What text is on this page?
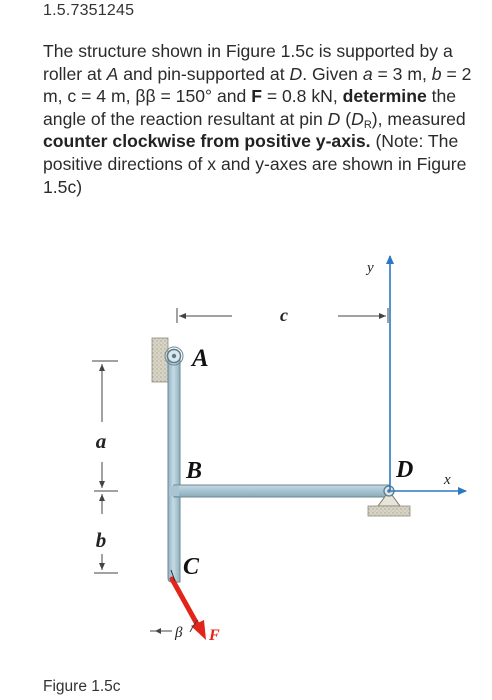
1.5.7351245
The structure shown in Figure 1.5c is supported by a roller at A and pin-supported at D. Given a = 3 m, b = 2 m, c = 4 m, ββ = 150° and F = 0.8 kN, determine the angle of the reaction resultant at pin D $(D_R)$, measured counter clockwise from positive y-axis. (Note: The positive directions of x and y-axes are shown in Figure 1.5c)
c
a
b
y
x
β
A
B
C
D
F
Figure 1.5c
